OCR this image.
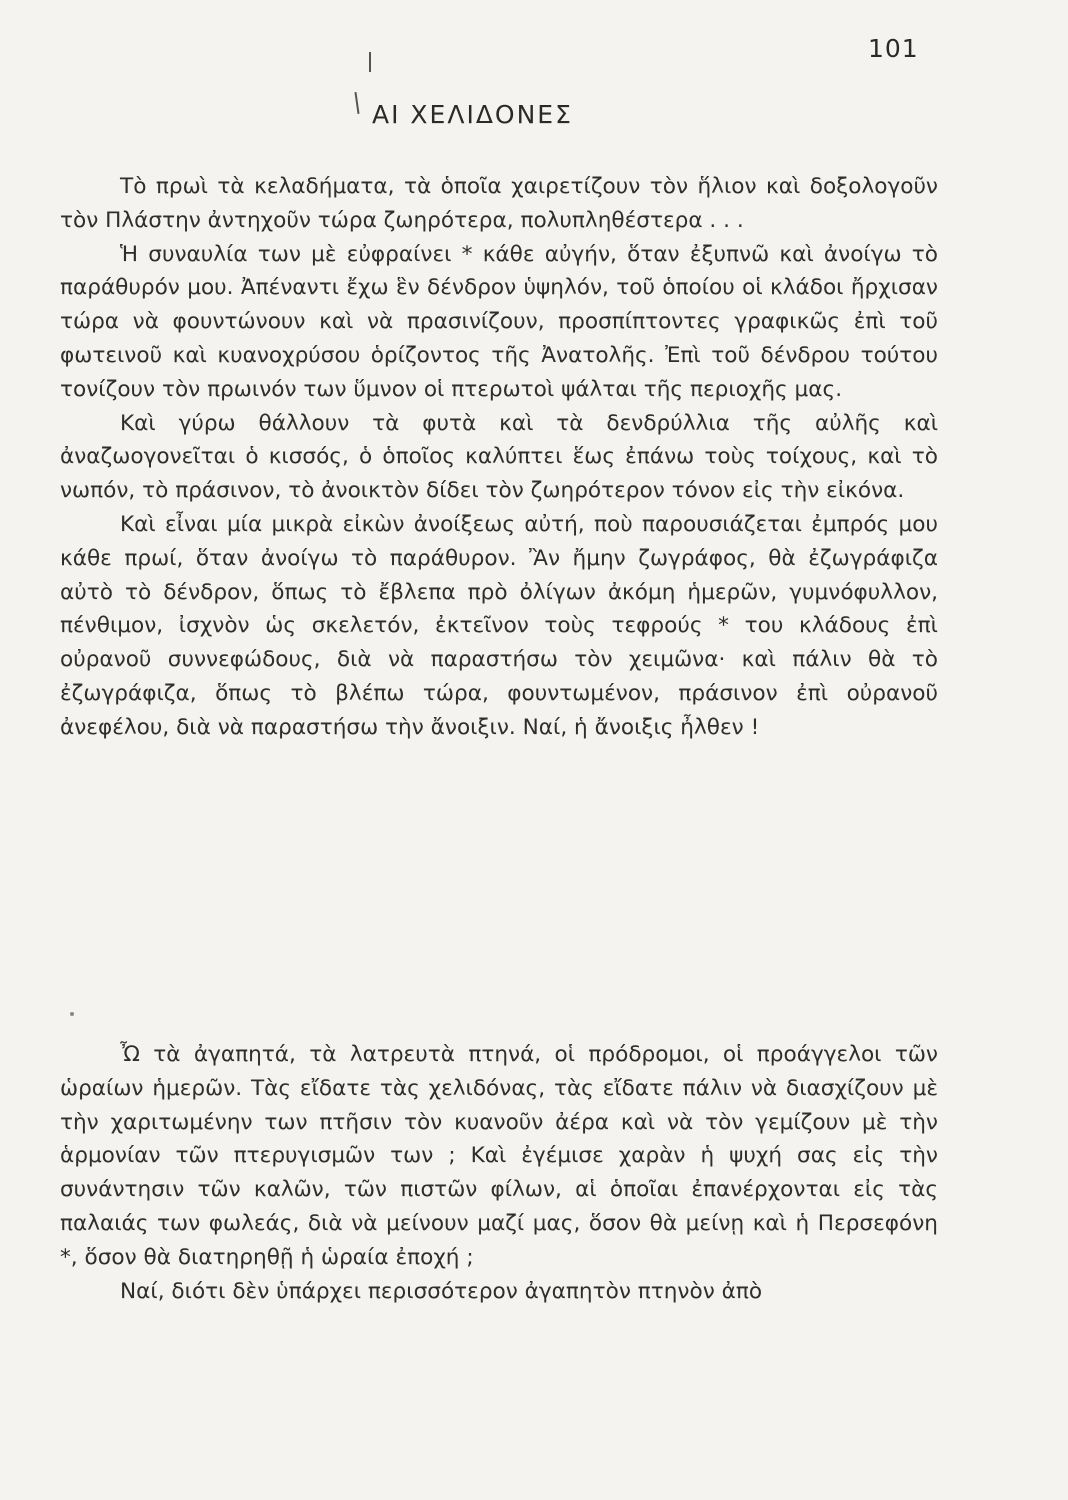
101
ΑΙ ΧΕΛΙΔΟΝΕΣ

Τὸ πρωὶ τὰ κελαδήματα, τὰ ὁποῖα χαιρετίζουν τὸν ἥλιον καὶ δοξολογοῦν τὸν Πλάστην ἀντηχοῦν τώρα ζωηρότερα, πολυπληθέστερα . . .

Ἡ συναυλία των μὲ εὐφραίνει * κάθε αὐγήν, ὅταν ἐξυπνῶ καὶ ἀνοίγω τὸ παράθυρόν μου. Ἀπέναντι ἔχω ἓν δένδρον ὑψηλόν, τοῦ ὁποίου οἱ κλάδοι ἤρχισαν τώρα νὰ φουντώνουν καὶ νὰ πρασινίζουν, προσπίπτοντες γραφικῶς ἐπὶ τοῦ φωτεινοῦ καὶ κυανοχρύσου ὁρίζοντος τῆς Ἀνατολῆς. Ἐπὶ τοῦ δένδρου τούτου τονίζουν τὸν πρωινόν των ὕμνον οἱ πτερωτοὶ ψάλται τῆς περιοχῆς μας.

Καὶ γύρω θάλλουν τὰ φυτὰ καὶ τὰ δενδρύλλια τῆς αὐλῆς καὶ ἀναζωογονεῖται ὁ κισσός, ὁ ὁποῖος καλύπτει ἕως ἐπάνω τοὺς τοίχους, καὶ τὸ νωπόν, τὸ πράσινον, τὸ ἀνοικτὸν δίδει τὸν ζωηρότερον τόνον εἰς τὴν εἰκόνα.

Καὶ εἶναι μία μικρὰ εἰκὼν ἀνοίξεως αὐτή, ποὺ παρουσιάζεται ἐμπρός μου κάθε πρωί, ὅταν ἀνοίγω τὸ παράθυρον. Ἂν ἤμην ζωγράφος, θὰ ἐζωγράφιζα αὐτὸ τὸ δένδρον, ὅπως τὸ ἔβλεπα πρὸ ὀλίγων ἀκόμη ἡμερῶν, γυμνόφυλλον, πένθιμον, ἰσχνὸν ὡς σκελετόν, ἐκτεῖνον τοὺς τεφρούς * του κλάδους ἐπὶ οὐρανοῦ συννεφώδους, διὰ νὰ παραστήσω τὸν χειμῶνα· καὶ πάλιν θὰ τὸ ἐζωγράφιζα, ὅπως τὸ βλέπω τώρα, φουντωμένον, πράσινον ἐπὶ οὐρανοῦ ἀνεφέλου, διὰ νὰ παραστήσω τὴν ἄνοιξιν. Ναί, ἡ ἄνοιξις ἦλθεν !

Ὦ τὰ ἀγαπητά, τὰ λατρευτὰ πτηνά, οἱ πρόδρομοι, οἱ προάγγελοι τῶν ὡραίων ἡμερῶν. Τὰς εἴδατε τὰς χελιδόνας, τὰς εἴδατε πάλιν νὰ διασχίζουν μὲ τὴν χαριτωμένην των πτῆσιν τὸν κυανοῦν ἀέρα καὶ νὰ τὸν γεμίζουν μὲ τὴν ἁρμονίαν τῶν πτερυγισμῶν των ; Καὶ ἐγέμισε χαρὰν ἡ ψυχή σας εἰς τὴν συνάντησιν τῶν καλῶν, τῶν πιστῶν φίλων, αἱ ὁποῖαι ἐπανέρχονται εἰς τὰς παλαιάς των φωλεάς, διὰ νὰ μείνουν μαζί μας, ὅσον θὰ μείνῃ καὶ ἡ Περσεφόνη *, ὅσον θὰ διατηρηθῇ ἡ ὡραία ἐποχή ;

Ναί, διότι δὲν ὑπάρχει περισσότερον ἀγαπητὸν πτηνὸν ἀπὸ
